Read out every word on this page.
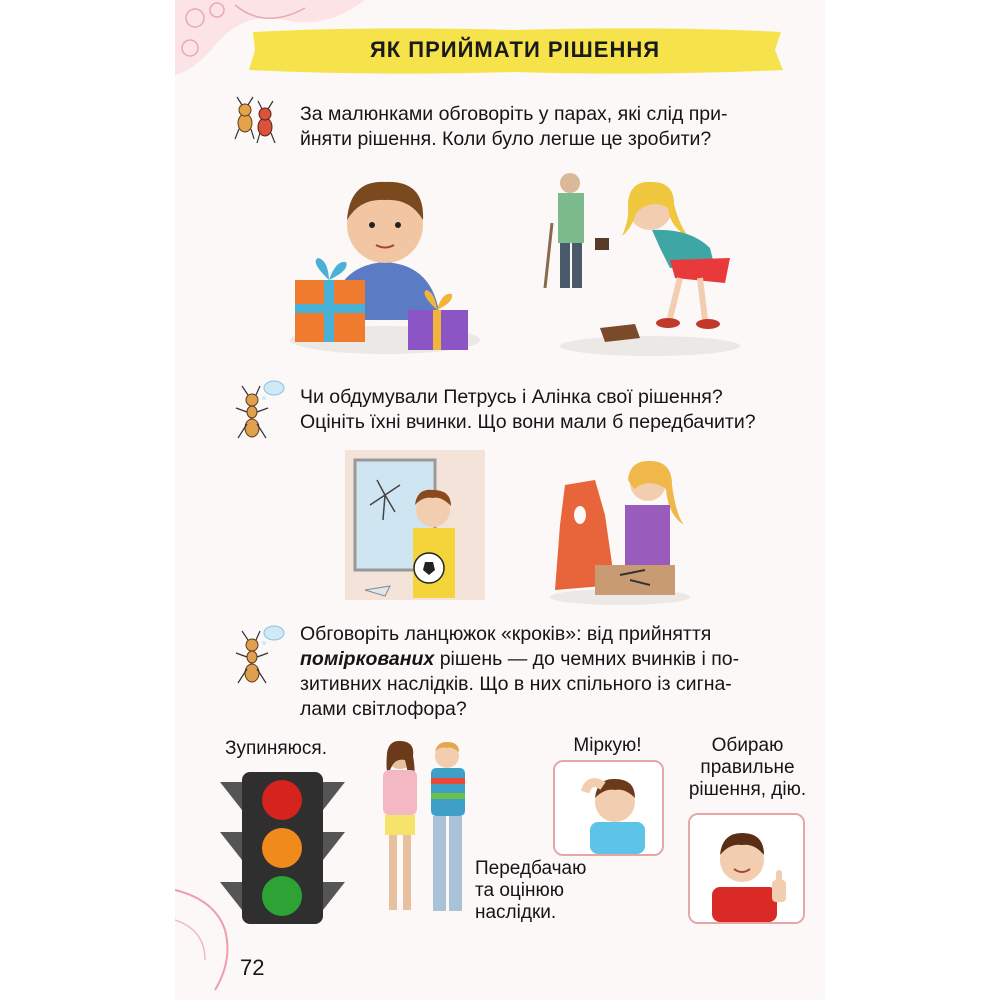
ЯК ПРИЙМАТИ РІШЕННЯ
За малюнками обговоріть у парах, які слід при-
йняти рішення. Коли було легше це зробити?
Чи обдумували Петрусь і Алінка свої рішення?
Оцініть їхні вчинки. Що вони мали б передбачити?
Обговоріть ланцюжок «кроків»: від прийняття
поміркованих рішень — до чемних вчинків і по-
зитивних наслідків. Що в них спільного із сигна-
лами світлофора?
Зупиняюся.
Передбачаю
та оцінюю
наслідки.
Міркую!	Обираю
правильне
рішення, дію.
72
